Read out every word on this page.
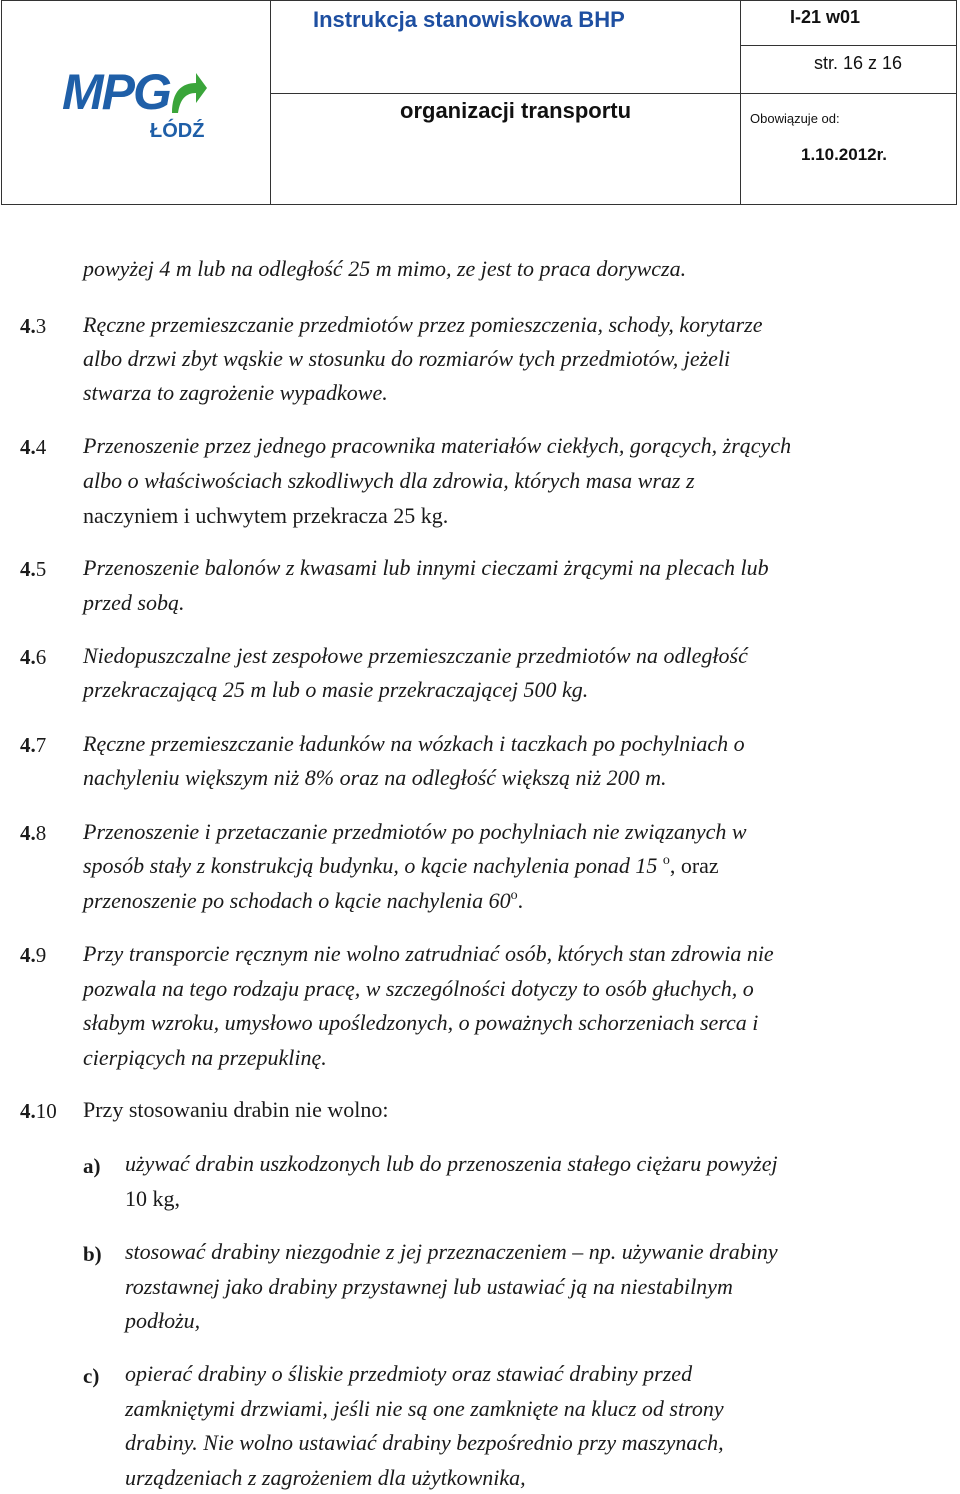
MPG
ŁÓDŹ
Instrukcja stanowiskowa BHP	I-21 w01
str. 16 z 16
organizacji transportu	Obowiązuje od:
1.10.2012r.
powyżej 4 m lub na odległość 25 m mimo, ze jest to praca dorywcza.
4.3 Ręczne przemieszczanie przedmiotów przez pomieszczenia, schody, korytarze
albo drzwi zbyt wąskie w stosunku do rozmiarów tych przedmiotów, jeżeli
stwarza to zagrożenie wypadkowe.
4.4 Przenoszenie przez jednego pracownika materiałów ciekłych, gorących, żrących
albo o właściwościach szkodliwych dla zdrowia, których masa wraz z
naczyniem i uchwytem przekracza 25 kg.
4.5 Przenoszenie balonów z kwasami lub innymi cieczami żrącymi na plecach lub
przed sobą.
4.6 Niedopuszczalne jest zespołowe przemieszczanie przedmiotów na odległość
przekraczającą 25 m lub o masie przekraczającej 500 kg.
4.7 Ręczne przemieszczanie ładunków na wózkach i taczkach po pochylniach o
nachyleniu większym niż 8% oraz na odległość większą niż 200 m.
4.8 Przenoszenie i przetaczanie przedmiotów po pochylniach nie związanych w
sposób stały z konstrukcją budynku, o kącie nachylenia ponad 15 $^o$, oraz
przenoszenie po schodach o kącie nachylenia 60$^o$.
4.9 Przy transporcie ręcznym nie wolno zatrudniać osób, których stan zdrowia nie
pozwala na tego rodzaju pracę, w szczególności dotyczy to osób głuchych, o
słabym wzroku, umysłowo upośledzonych, o poważnych schorzeniach serca i
cierpiących na przepuklinę.
4.10 Przy stosowaniu drabin nie wolno:
a) używać drabin uszkodzonych lub do przenoszenia stałego ciężaru powyżej
10 kg,
b) stosować drabiny niezgodnie z jej przeznaczeniem – np. używanie drabiny
rozstawnej jako drabiny przystawnej lub ustawiać ją na niestabilnym
podłożu,
c) opierać drabiny o śliskie przedmioty oraz stawiać drabiny przed
zamkniętymi drzwiami, jeśli nie są one zamknięte na klucz od strony
drabiny. Nie wolno ustawiać drabiny bezpośrednio przy maszynach,
urządzeniach z zagrożeniem dla użytkownika,
